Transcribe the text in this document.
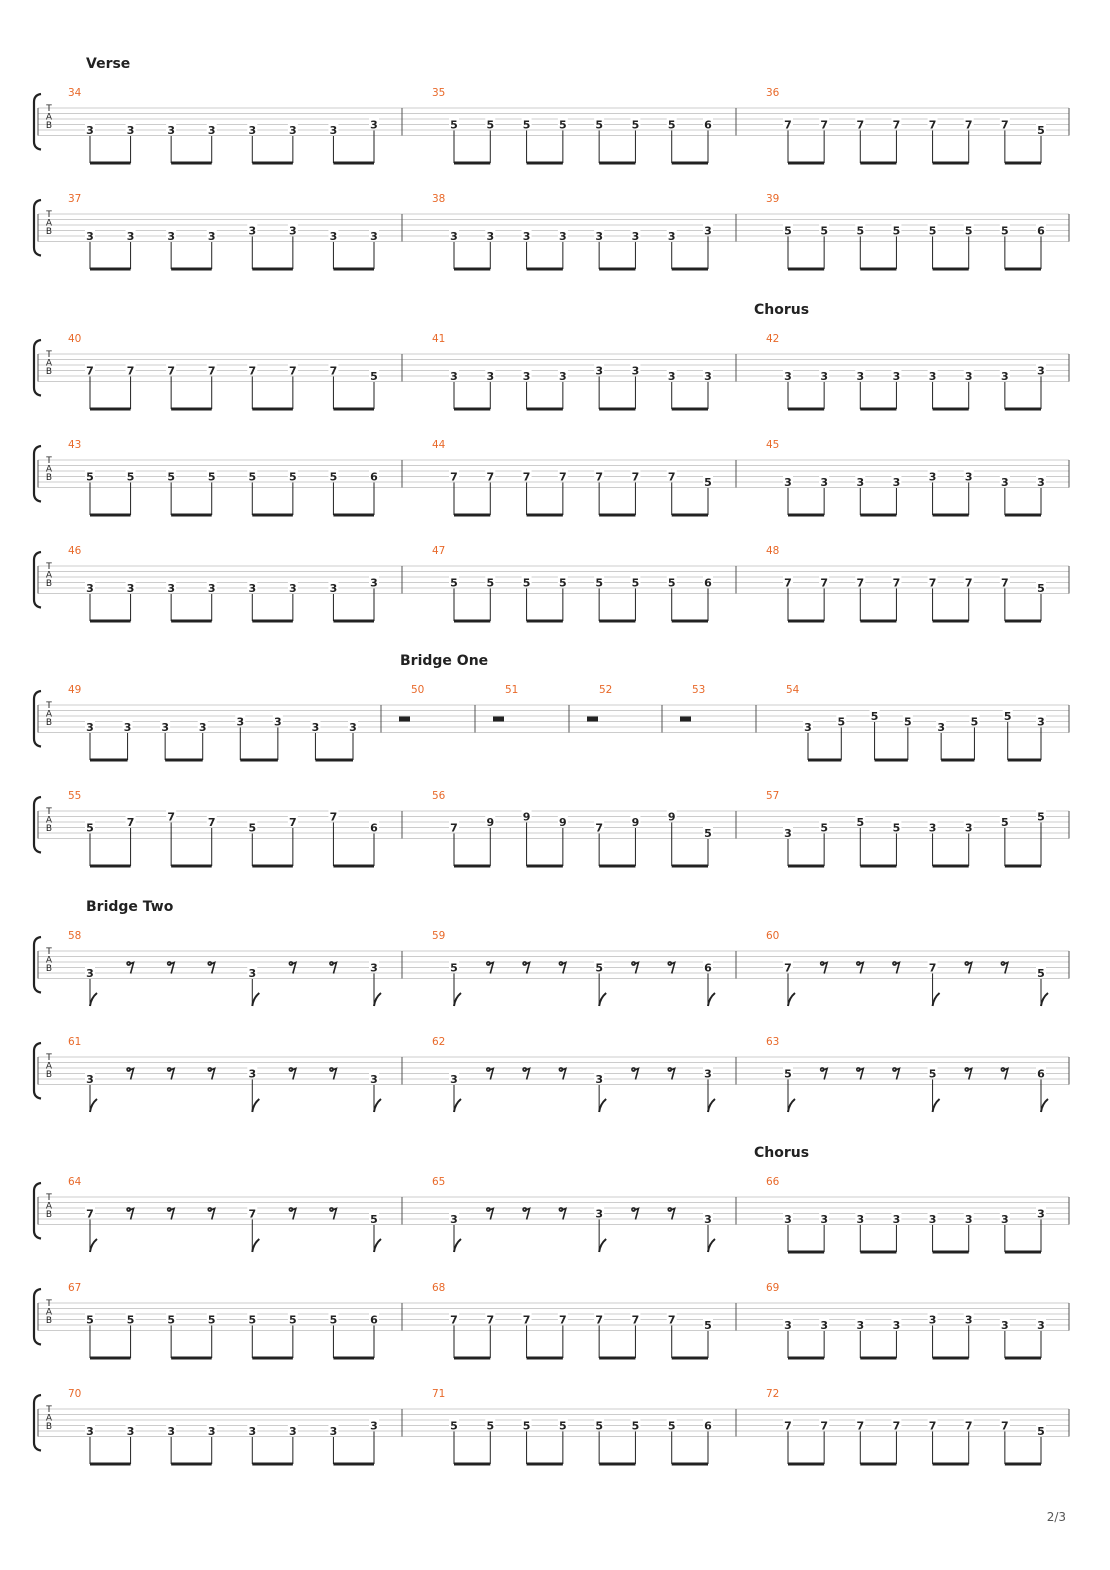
T
A
B
Verse
34
3	3	3	3	3	3	3	3
35
5	5	5	5	5	5	5	6
36
7	7	7	7	7	7	7	5
T
A
B
37
3	3	3	3	3	3	3	3
38
3	3	3	3	3	3	3	3
39
5	5	5	5	5	5	5	6
T
A
B
Chorus
40
7	7	7	7	7	7	7	5
41
3	3	3	3	3	3	3	3
42
3	3	3	3	3	3	3	3
T
A
B
43
5	5	5	5	5	5	5	6
44
7	7	7	7	7	7	7	5
45
3	3	3	3	3	3	3	3
T
A
B
46
3	3	3	3	3	3	3	3
47
5	5	5	5	5	5	5	6
48
7	7	7	7	7	7	7	5
T
A
B
Bridge One
49
3	3	3	3	3	3	3	3
50	51	52	53	54
3 5 5 5 3 5 5 3
T
A
B
55
5	7	7	7	5	7	7
6
56
7	9	9	9	7	9	9
5
57
3	5	5	5	3	3	5	5
T
A
B
Bridge Two
58
3	3	3
59
5	5	6
60
7	7	5
T
A
B
61
3	3	3
62
3	3	3
63
5	5	6
T
A
B
Chorus
64
7	7	5
65
3	3	3
66
3	3	3	3	3	3	3	3
T
A
B
67
5	5	5	5	5	5	5	6
68
7	7	7	7	7	7	7	5
69
3	3	3	3	3	3	3	3
T
A
B
70
3	3	3	3	3	3	3	3
71
5	5	5	5	5	5	5	6
72
7	7	7	7	7	7	7	5
2/3
